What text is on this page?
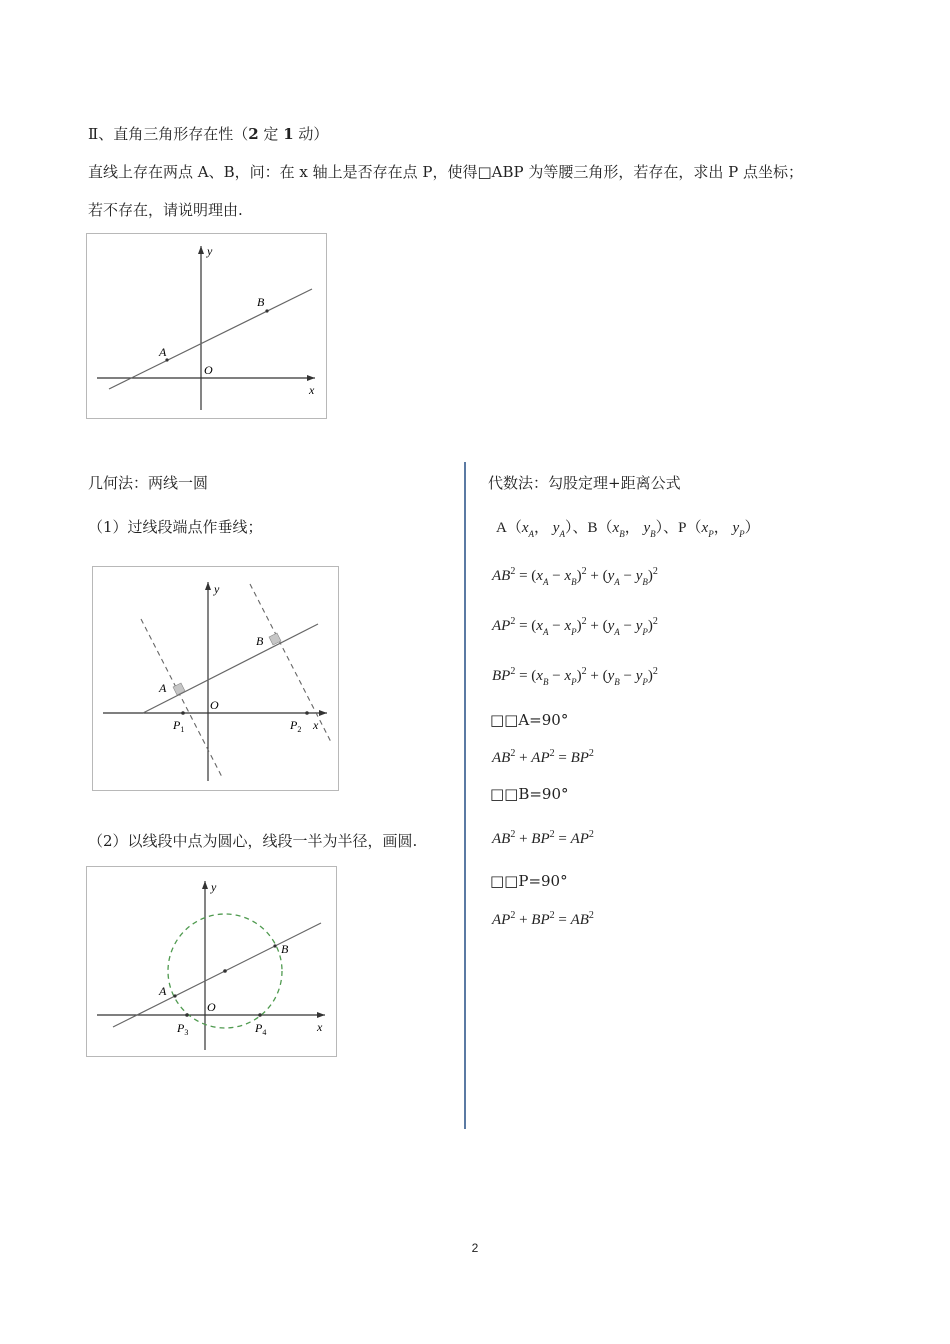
Ⅱ、直角三角形存在性（2 定 1 动）
直线上存在两点 A、B，问：在 x 轴上是否存在点 P，使得□ABP 为等腰三角形，若存在，求出 P 点坐标；
若不存在，请说明理由.
y
x
O
A
B
几何法：两线一圆
（1）过线段端点作垂线；
y
x
O
A
B
$P_1$	$P_2$
（2）以线段中点为圆心，线段一半为半径，画圆.
y
x
O
A
B
$P_3$	$P_4$
代数法：勾股定理+距离公式
$A(x_A$， $y_A$）、$B(x_B$， $y_B$）、$P(x_P$， $y_P$）
$AB^2 = (x_A - x_B)^2 + (y_A - y_B)^2$
$AP^2 = (x_A - x_P)^2 + (y_A - y_P)^2$
$BP^2 = (x_B - x_P)^2 + (y_B - y_P)^2$
□□A=90°
$AB^2 + AP^2 = BP^2$
□□B=90°
$AB^2 + BP^2 = AP^2$
□□P=90°
$AP^2 + BP^2 = AB^2$
2
